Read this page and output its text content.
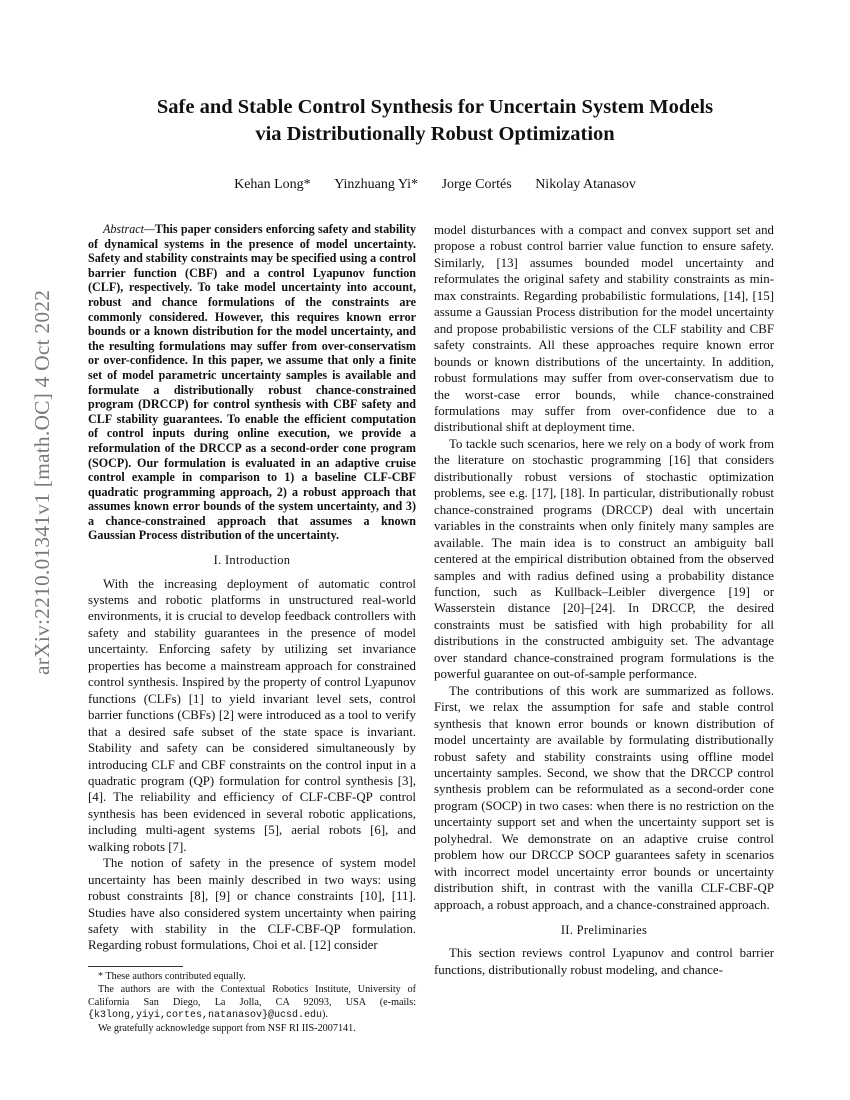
arXiv:2210.01341v1 [math.OC] 4 Oct 2022
Safe and Stable Control Synthesis for Uncertain System Models
via Distributionally Robust Optimization
Kehan Long* Yinzhuang Yi* Jorge Cortés Nikolay Atanasov

Abstract—This paper considers enforcing safety and stability of dynamical systems in the presence of model uncertainty. Safety and stability constraints may be specified using a control barrier function (CBF) and a control Lyapunov function (CLF), respectively. To take model uncertainty into account, robust and chance formulations of the constraints are commonly considered. However, this requires known error bounds or a known distribution for the model uncertainty, and the resulting formulations may suffer from over-conservatism or over-confidence. In this paper, we assume that only a finite set of model parametric uncertainty samples is available and formulate a distributionally robust chance-constrained program (DRCCP) for control synthesis with CBF safety and CLF stability guarantees. To enable the efficient computation of control inputs during online execution, we provide a reformulation of the DRCCP as a second-order cone program (SOCP). Our formulation is evaluated in an adaptive cruise control example in comparison to 1) a baseline CLF-CBF quadratic programming approach, 2) a robust approach that assumes known error bounds of the system uncertainty, and 3) a chance-constrained approach that assumes a known Gaussian Process distribution of the uncertainty.

I. Introduction

With the increasing deployment of automatic control systems and robotic platforms in unstructured real-world environments, it is crucial to develop feedback controllers with safety and stability guarantees in the presence of model uncertainty. Enforcing safety by utilizing set invariance properties has become a mainstream approach for constrained control synthesis. Inspired by the property of control Lyapunov functions (CLFs) [1] to yield invariant level sets, control barrier functions (CBFs) [2] were introduced as a tool to verify that a desired safe subset of the state space is invariant. Stability and safety can be considered simultaneously by introducing CLF and CBF constraints on the control input in a quadratic program (QP) formulation for control synthesis [3], [4]. The reliability and efficiency of CLF-CBF-QP control synthesis has been evidenced in several robotic applications, including multi-agent systems [5], aerial robots [6], and walking robots [7].

The notion of safety in the presence of system model uncertainty has been mainly described in two ways: using robust constraints [8], [9] or chance constraints [10], [11]. Studies have also considered system uncertainty when pairing safety with stability in the CLF-CBF-QP formulation. Regarding robust formulations, Choi et al. [12] consider

* These authors contributed equally.

The authors are with the Contextual Robotics Institute, University of California San Diego, La Jolla, CA 92093, USA (e-mails: {k3long,yiyi,cortes,natanasov}@ucsd.edu).

We gratefully acknowledge support from NSF RI IIS-2007141.

model disturbances with a compact and convex support set and propose a robust control barrier value function to ensure safety. Similarly, [13] assumes bounded model uncertainty and reformulates the original safety and stability constraints as min-max constraints. Regarding probabilistic formulations, [14], [15] assume a Gaussian Process distribution for the model uncertainty and propose probabilistic versions of the CLF stability and CBF safety constraints. All these approaches require known error bounds or known distributions of the uncertainty. In addition, robust formulations may suffer from over-conservatism due to the worst-case error bounds, while chance-constrained formulations may suffer from over-confidence due to a distributional shift at deployment time.

To tackle such scenarios, here we rely on a body of work from the literature on stochastic programming [16] that considers distributionally robust versions of stochastic optimization problems, see e.g. [17], [18]. In particular, distributionally robust chance-constrained programs (DRCCP) deal with uncertain variables in the constraints when only finitely many samples are available. The main idea is to construct an ambiguity ball centered at the empirical distribution obtained from the observed samples and with radius defined using a probability distance function, such as Kullback–Leibler divergence [19] or Wasserstein distance [20]–[24]. In DRCCP, the desired constraints must be satisfied with high probability for all distributions in the constructed ambiguity set. The advantage over standard chance-constrained program formulations is the powerful guarantee on out-of-sample performance.

The contributions of this work are summarized as follows. First, we relax the assumption for safe and stable control synthesis that known error bounds or known distribution of model uncertainty are available by formulating distributionally robust safety and stability constraints using offline model uncertainty samples. Second, we show that the DRCCP control synthesis problem can be reformulated as a second-order cone program (SOCP) in two cases: when there is no restriction on the uncertainty support set and when the uncertainty support set is polyhedral. We demonstrate on an adaptive cruise control problem how our DRCCP SOCP guarantees safety in scenarios with incorrect model uncertainty error bounds or uncertainty distribution shift, in contrast with the vanilla CLF-CBF-QP approach, a robust approach, and a chance-constrained approach.

II. Preliminaries

This section reviews control Lyapunov and control barrier functions, distributionally robust modeling, and chance-
